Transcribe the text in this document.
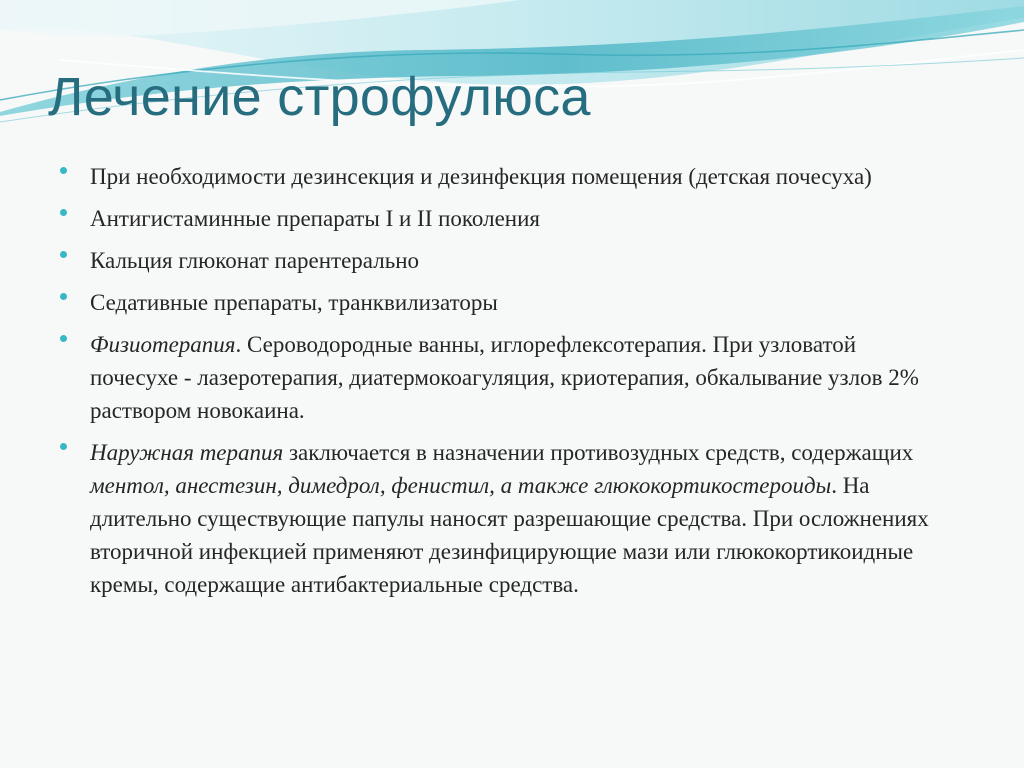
Лечение строфулюса
При необходимости дезинсекция и дезинфекция помещения (детская почесуха)
Антигистаминные препараты I и II поколения
Кальция глюконат парентерально
Седативные препараты, транквилизаторы
Физиотерапия. Сероводородные ванны, иглорефлексотерапия. При узловатой почесухе - лазеротерапия, диатермокоагуляция, криотерапия, обкалывание узлов 2% раствором новокаина.
Наружная терапия заключается в назначении противозудных средств, содержащих ментол, анестезин, димедрол, фенистил, а также глюкокортикостероиды. На длительно существующие папулы наносят разрешающие средства. При осложнениях вторичной инфекцией применяют дезинфицирующие мази или глюкокортикоидные кремы, содержащие антибактериальные средства.
